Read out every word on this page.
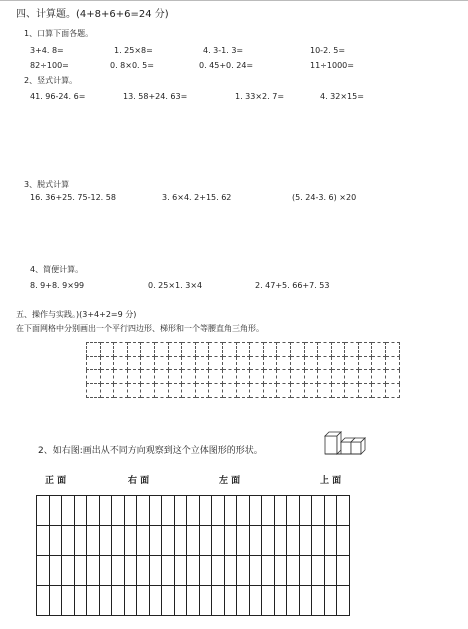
四、计算题。(4+8+6+6=24 分)
1、口算下面各题。
3+4. 8=	1. 25×8=	4. 3-1. 3=	10-2. 5=
82÷100=	0. 8×0. 5=	0. 45+0. 24=	11÷1000=
2、竖式计算。
41. 96-24. 6=	13. 58+24. 63=	1. 33×2. 7=	4. 32×15=
3、脱式计算
16. 36+25. 75-12. 58	3. 6×4. 2+15. 62	(5. 24-3. 6) ×20
4、简便计算。
8. 9+8. 9×99	0. 25×1. 3×4	2. 47+5. 66+7. 53
五、操作与实践。)(3+4+2=9 分)
在下面网格中分别画出一个平行四边形、梯形和一个等腰直角三角形。

2、如右图:画出从不同方向观察到这个立体图形的形状。
正 面	右 面	左 面	上 面
